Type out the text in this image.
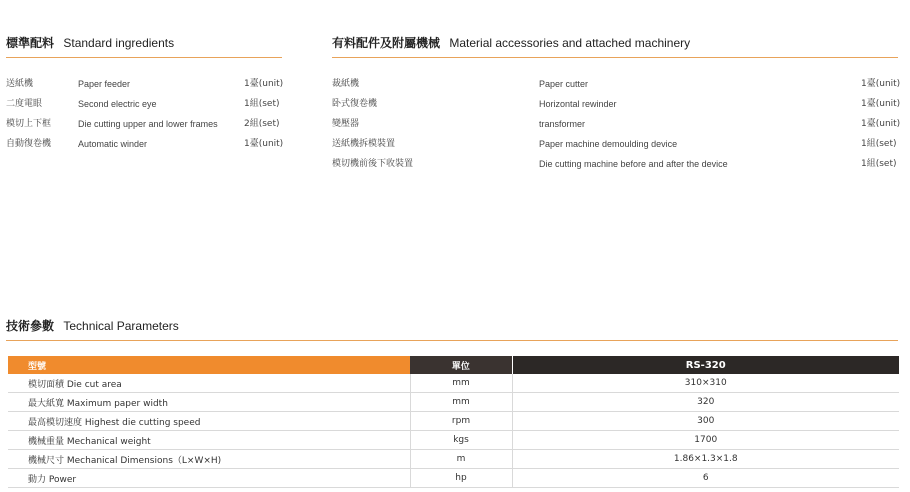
標準配料 Standard ingredients
送紙機	Paper feeder	1臺(unit)
二度電眼	Second electric eye	1組(set)
模切上下框	Die cutting upper and lower frames	2組(set)
自動復卷機	Automatic winder	1臺(unit)
有料配件及附屬機械 Material accessories and attached machinery
裁紙機	Paper cutter	1臺(unit)
卧式復卷機	Horizontal rewinder	1臺(unit)
變壓器	transformer	1臺(unit)
送紙機拆模裝置	Paper machine demoulding device	1組(set)
模切機前後下收裝置	Die cutting machine before and after the device	1組(set)
技術參數 Technical Parameters
型號	單位	RS-320
模切面積 Die cut area	mm	310×310
最大紙寬 Maximum paper width	mm	320
最高模切速度 Highest die cutting speed	rpm	300
機械重量 Mechanical weight	kgs	1700
機械尺寸 Mechanical Dimensions（L×W×H)	m	1.86×1.3×1.8
動力 Power	hp	6
